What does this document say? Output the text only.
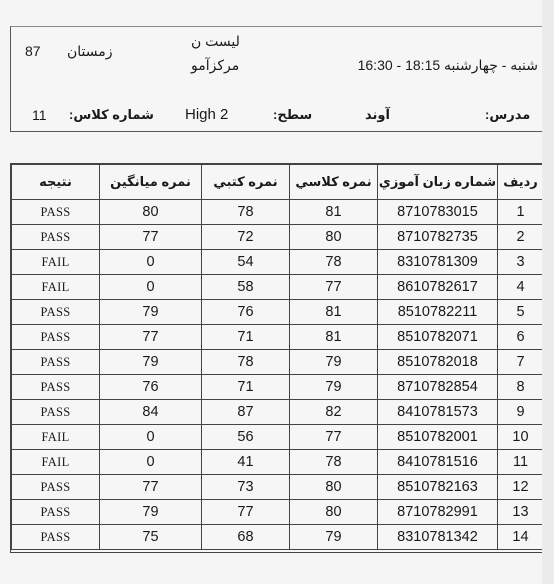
87 زمستان
لیست ن
مرکزآمو	شنبه - چهارشنبه 18:15 - 16:30
11 شماره کلاس: High 2	سطح:	آوند	مدرس:
ردیف	شماره زبان آموزي	نمره كلاسي	نمره كتبي	نمره ميانگين	نتيجه
1	8710783015	81	78	80	PASS
2	8710782735	80	72	77	PASS
3	8310781309	78	54	0	FAIL
4	8610782617	77	58	0	FAIL
5	8510782211	81	76	79	PASS
6	8510782071	81	71	77	PASS
7	8510782018	79	78	79	PASS
8	8710782854	79	71	76	PASS
9	8410781573	82	87	84	PASS
10	8510782001	77	56	0	FAIL
11	8410781516	78	41	0	FAIL
12	8510782163	80	73	77	PASS
13	8710782991	80	77	79	PASS
14	8310781342	79	68	75	PASS
